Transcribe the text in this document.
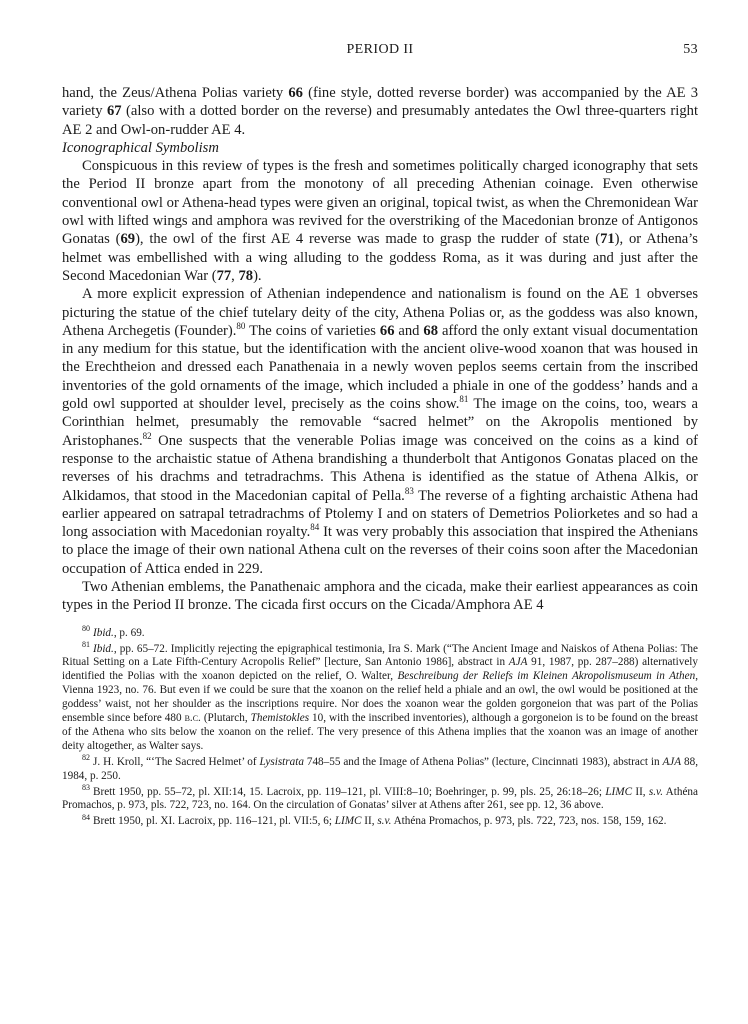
PERIOD II	53

hand, the Zeus/Athena Polias variety 66 (fine style, dotted reverse border) was accompanied by the AE 3 variety 67 (also with a dotted border on the reverse) and presumably antedates the Owl three-quarters right AE 2 and Owl-on-rudder AE 4.

Iconographical Symbolism

Conspicuous in this review of types is the fresh and sometimes politically charged iconography that sets the Period II bronze apart from the monotony of all preceding Athenian coinage. Even otherwise conventional owl or Athena-head types were given an original, topical twist, as when the Chremonidean War owl with lifted wings and amphora was revived for the overstriking of the Macedonian bronze of Antigonos Gonatas (69), the owl of the first AE 4 reverse was made to grasp the rudder of state (71), or Athena’s helmet was embellished with a wing alluding to the goddess Roma, as it was during and just after the Second Macedonian War (77, 78).

A more explicit expression of Athenian independence and nationalism is found on the AE 1 obverses picturing the statue of the chief tutelary deity of the city, Athena Polias or, as the goddess was also known, Athena Archegetis (Founder).$^{80}$ The coins of varieties 66 and 68 afford the only extant visual documentation in any medium for this statue, but the identification with the ancient olive-wood xoanon that was housed in the Erechtheion and dressed each Panathenaia in a newly woven peplos seems certain from the inscribed inventories of the gold ornaments of the image, which included a phiale in one of the goddess’ hands and a gold owl supported at shoulder level, precisely as the coins show.$^{81}$ The image on the coins, too, wears a Corinthian helmet, presumably the removable “sacred helmet” on the Akropolis mentioned by Aristophanes.$^{82}$ One suspects that the venerable Polias image was conceived on the coins as a kind of response to the archaistic statue of Athena brandishing a thunderbolt that Antigonos Gonatas placed on the reverses of his drachms and tetradrachms. This Athena is identified as the statue of Athena Alkis, or Alkidamos, that stood in the Macedonian capital of Pella.$^{83}$ The reverse of a fighting archaistic Athena had earlier appeared on satrapal tetradrachms of Ptolemy I and on staters of Demetrios Poliorketes and so had a long association with Macedonian royalty.$^{84}$ It was very probably this association that inspired the Athenians to place the image of their own national Athena cult on the reverses of their coins soon after the Macedonian occupation of Attica ended in 229.

Two Athenian emblems, the Panathenaic amphora and the cicada, make their earliest appearances as coin types in the Period II bronze. The cicada first occurs on the Cicada/Amphora AE 4

$^{80}$ Ibid., p. 69.

$^{81}$ Ibid., pp. 65–72. Implicitly rejecting the epigraphical testimonia, Ira S. Mark (“The Ancient Image and Naiskos of Athena Polias: The Ritual Setting on a Late Fifth-Century Acropolis Relief” [lecture, San Antonio 1986], abstract in AJA 91, 1987, pp. 287–288) alternatively identified the Polias with the xoanon depicted on the relief, O. Walter, Beschreibung der Reliefs im Kleinen Akropolismuseum in Athen, Vienna 1923, no. 76. But even if we could be sure that the xoanon on the relief held a phiale and an owl, the owl would be positioned at the goddess’ waist, not her shoulder as the inscriptions require. Nor does the xoanon wear the golden gorgoneion that was part of the Polias ensemble since before 480 b.c. (Plutarch, Themistokles 10, with the inscribed inventories), although a gorgoneion is to be found on the breast of the Athena who sits below the xoanon on the relief. The very presence of this Athena implies that the xoanon was an image of another deity altogether, as Walter says.

$^{82}$ J. H. Kroll, “‘The Sacred Helmet’ of Lysistrata 748–55 and the Image of Athena Polias” (lecture, Cincinnati 1983), abstract in AJA 88, 1984, p. 250.

$^{83}$ Brett 1950, pp. 55–72, pl. XII:14, 15. Lacroix, pp. 119–121, pl. VIII:8–10; Boehringer, p. 99, pls. 25, 26:18–26; LIMC II, s.v. Athéna Promachos, p. 973, pls. 722, 723, no. 164. On the circulation of Gonatas’ silver at Athens after 261, see pp. 12, 36 above.

$^{84}$ Brett 1950, pl. XI. Lacroix, pp. 116–121, pl. VII:5, 6; LIMC II, s.v. Athéna Promachos, p. 973, pls. 722, 723, nos. 158, 159, 162.
